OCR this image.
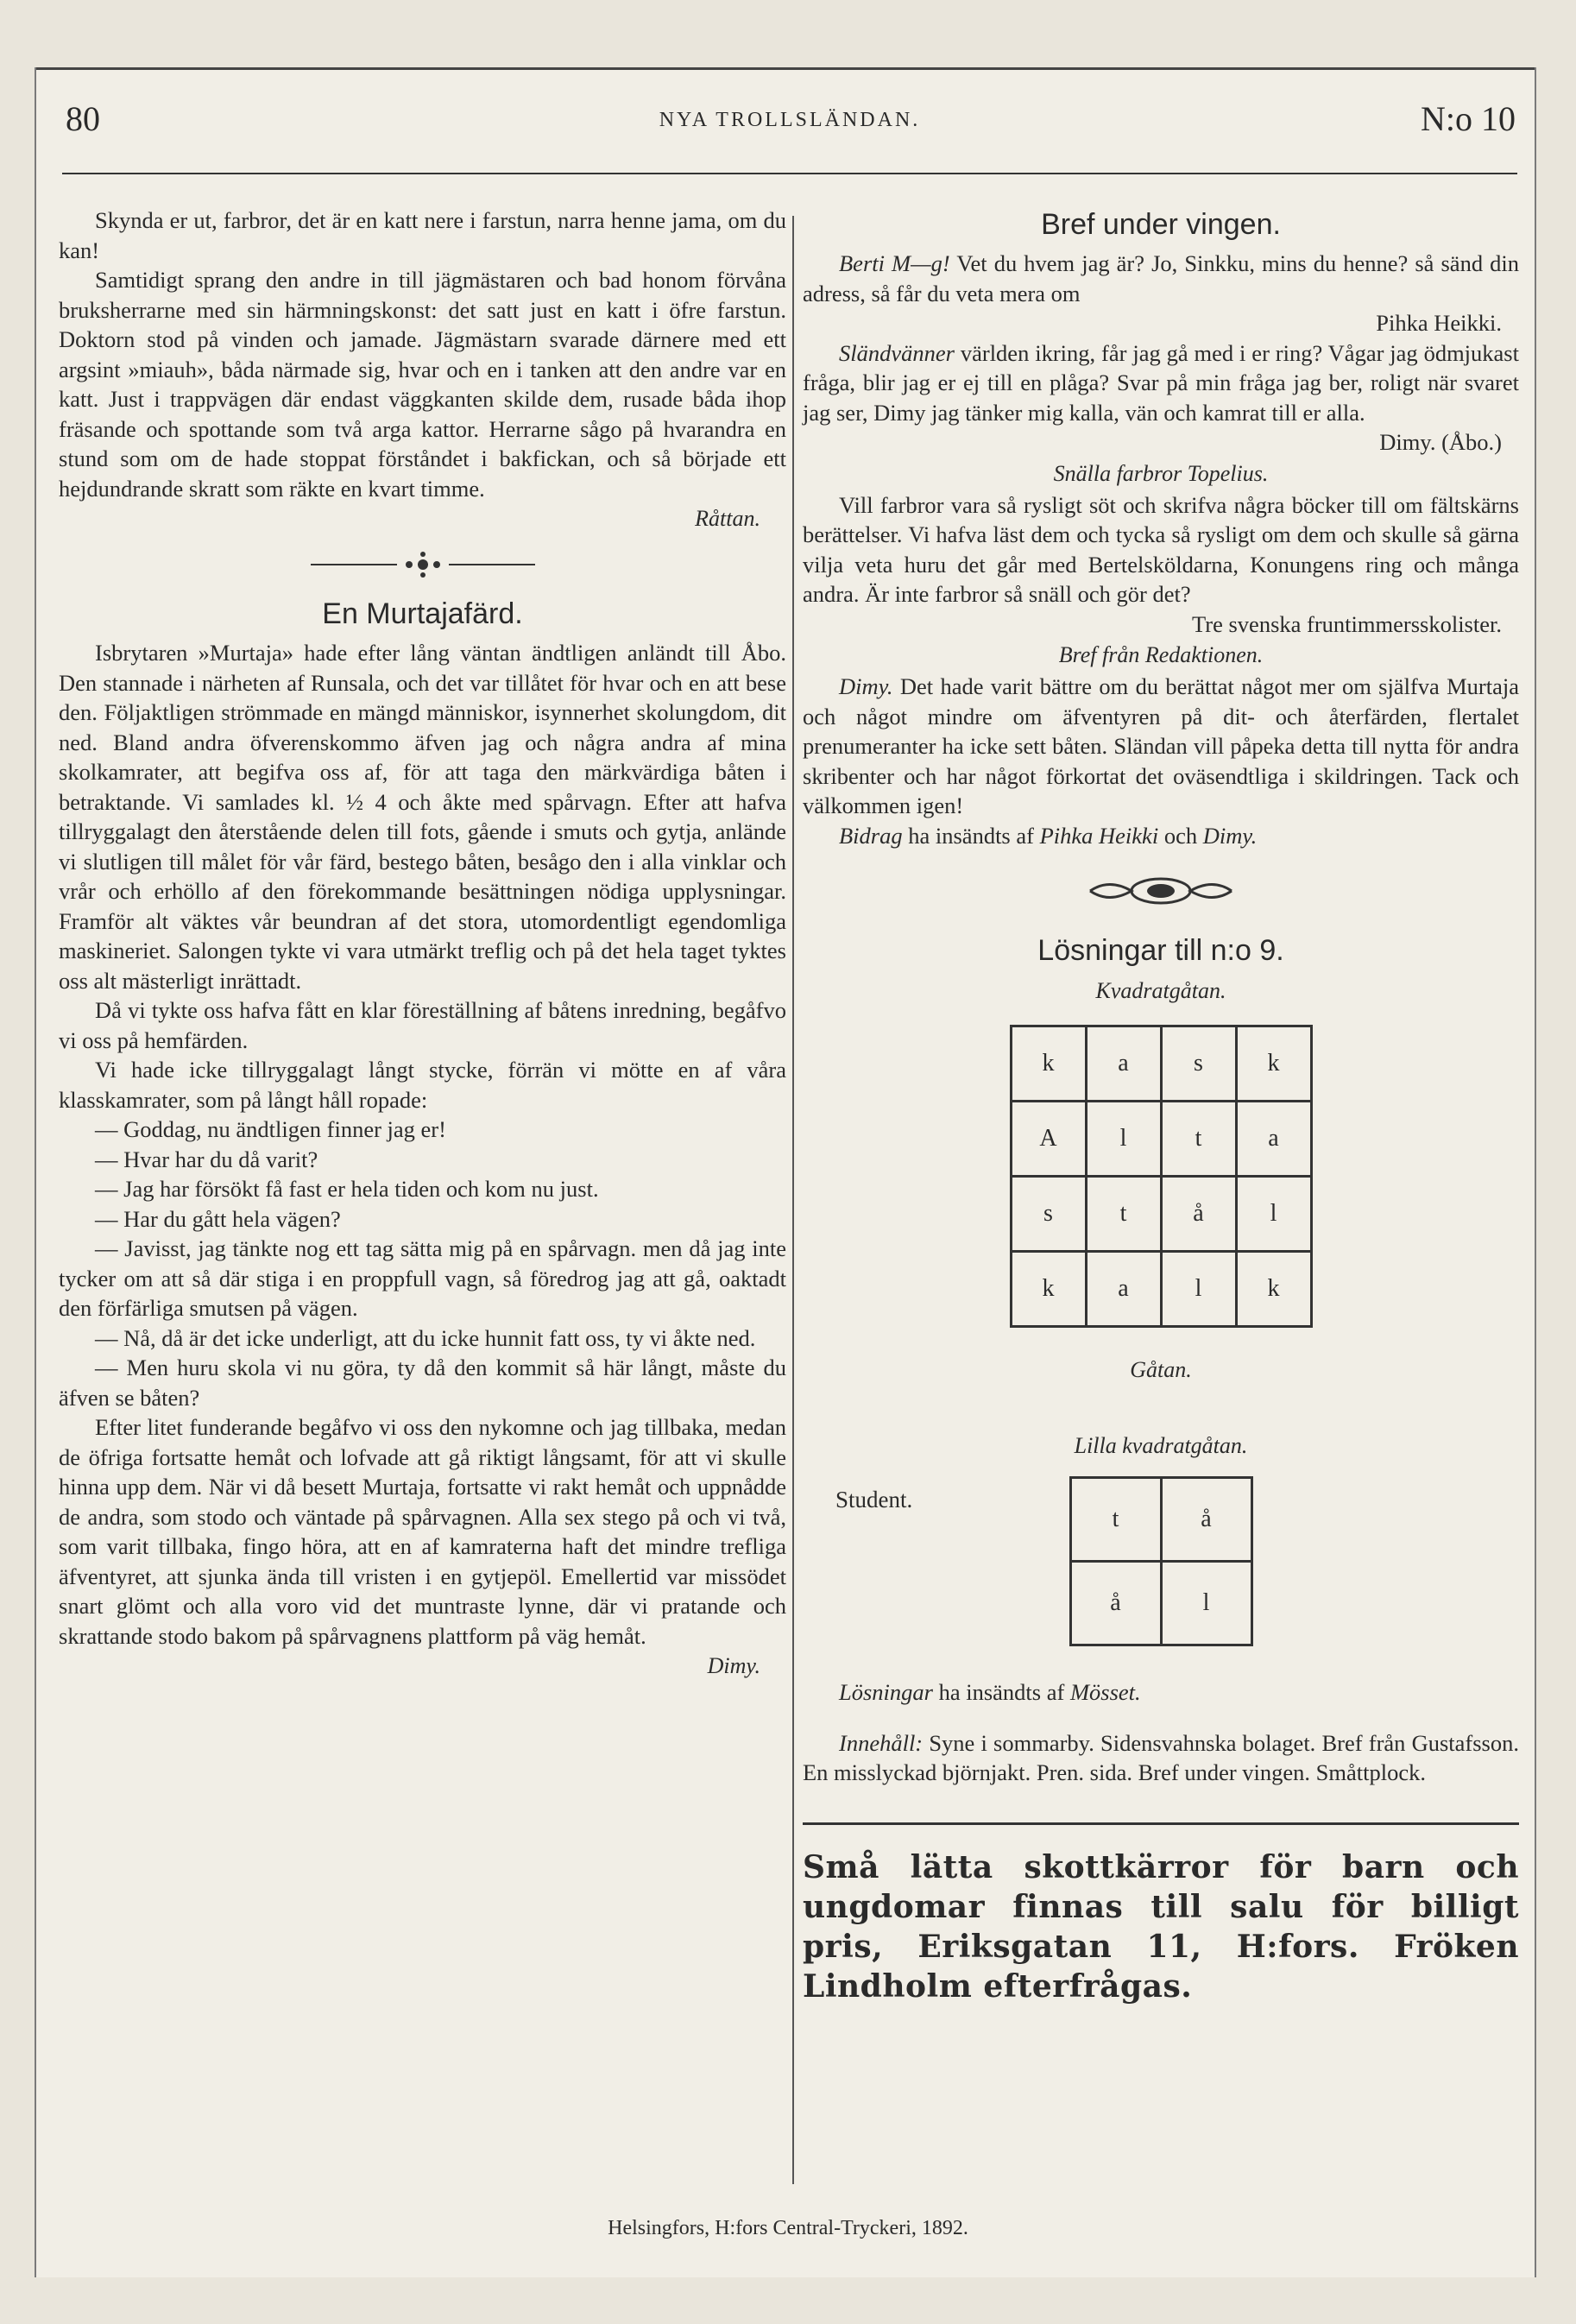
80	NYA TROLLSLÄNDAN.	N:o 10

Skynda er ut, farbror, det är en katt nere i farstun, narra henne jama, om du kan!

Samtidigt sprang den andre in till jägmästaren och bad honom förvåna bruksherrarne med sin härmningskonst: det satt just en katt i öfre farstun. Doktorn stod på vinden och jamade. Jägmästarn svarade därnere med ett argsint »miauh», båda närmade sig, hvar och en i tanken att den andre var en katt. Just i trappvägen där endast väggkanten skilde dem, rusade båda ihop fräsande och spottande som två arga kattor. Herrarne sågo på hvarandra en stund som om de hade stoppat förståndet i bakfickan, och så började ett hejdundrande skratt som räkte en kvart timme.

Råttan.
En Murtajafärd.

Isbrytaren »Murtaja» hade efter lång väntan ändtligen anländt till Åbo. Den stannade i närheten af Runsala, och det var tillåtet för hvar och en att bese den. Följaktligen strömmade en mängd människor, isynnerhet skolungdom, dit ned. Bland andra öfverenskommo äfven jag och några andra af mina skolkamrater, att begifva oss af, för att taga den märkvärdiga båten i betraktande. Vi samlades kl. ½ 4 och åkte med spårvagn. Efter att hafva tillryggalagt den återstående delen till fots, gående i smuts och gytja, anlände vi slutligen till målet för vår färd, bestego båten, besågo den i alla vinklar och vrår och erhöllo af den förekommande besättningen nödiga upplysningar. Framför alt väktes vår beundran af det stora, utomordentligt egendomliga maskineriet. Salongen tykte vi vara utmärkt treflig och på det hela taget tyktes oss alt mästerligt inrättadt.

Då vi tykte oss hafva fått en klar föreställning af båtens inredning, begåfvo vi oss på hemfärden.

Vi hade icke tillryggalagt långt stycke, förrän vi mötte en af våra klasskamrater, som på långt håll ropade:

— Goddag, nu ändtligen finner jag er!

— Hvar har du då varit?

— Jag har försökt få fast er hela tiden och kom nu just.

— Har du gått hela vägen?

— Javisst, jag tänkte nog ett tag sätta mig på en spårvagn. men då jag inte tycker om att så där stiga i en proppfull vagn, så föredrog jag att gå, oaktadt den förfärliga smutsen på vägen.

— Nå, då är det icke underligt, att du icke hunnit fatt oss, ty vi åkte ned.

— Men huru skola vi nu göra, ty då den kommit så här långt, måste du äfven se båten?

Efter litet funderande begåfvo vi oss den nykomne och jag tillbaka, medan de öfriga fortsatte hemåt och lofvade att gå riktigt långsamt, för att vi skulle hinna upp dem. När vi då besett Murtaja, fortsatte vi rakt hemåt och uppnådde de andra, som stodo och väntade på spårvagnen. Alla sex stego på och vi två, som varit tillbaka, fingo höra, att en af kamraterna haft det mindre trefliga äfventyret, att sjunka ända till vristen i en gytjepöl. Emellertid var missödet snart glömt och alla voro vid det muntraste lynne, där vi pratande och skrattande stodo bakom på spårvagnens plattform på väg hemåt.

Dimy.
Bref under vingen.

Berti M—g! Vet du hvem jag är? Jo, Sinkku, mins du henne? så sänd din adress, så får du veta mera om

Pihka Heikki.

Sländvänner världen ikring, får jag gå med i er ring? Vågar jag ödmjukast fråga, blir jag er ej till en plåga? Svar på min fråga jag ber, roligt när svaret jag ser, Dimy jag tänker mig kalla, vän och kamrat till er alla.

Dimy. (Åbo.)
Snälla farbror Topelius.

Vill farbror vara så rysligt söt och skrifva några böcker till om fältskärns berättelser. Vi hafva läst dem och tycka så rysligt om dem och skulle så gärna vilja veta huru det går med Bertelsköldarna, Konungens ring och många andra. Är inte farbror så snäll och gör det?

Tre svenska fruntimmersskolister.
Bref från Redaktionen.

Dimy. Det hade varit bättre om du berättat något mer om själfva Murtaja och något mindre om äfventyren på dit- och återfärden, flertalet prenumeranter ha icke sett båten. Sländan vill påpeka detta till nytta för andra skribenter och har något förkortat det oväsendtliga i skildringen. Tack och välkommen igen!

Bidrag ha insändts af Pihka Heikki och Dimy.

Lösningar till n:o 9.
Kvadratgåtan.
k	a	s	k
A	l	t	a
s	t	å	l
k	a	l	k
Gåtan.
Lilla kvadratgåtan.
t	å
å	l

Lösningar ha insändts af Mösset.

Innehåll: Syne i sommarby. Sidensvahnska bolaget. Bref från Gustafsson. En misslyckad björnjakt. Pren. sida. Bref under vingen. Småttplock.

Små lätta skottkärror för barn och ungdomar finnas till salu för billigt pris, Eriksgatan 11, H:fors. Fröken Lindholm efterfrågas.
Student.
Helsingfors, H:fors Central-Tryckeri, 1892.
